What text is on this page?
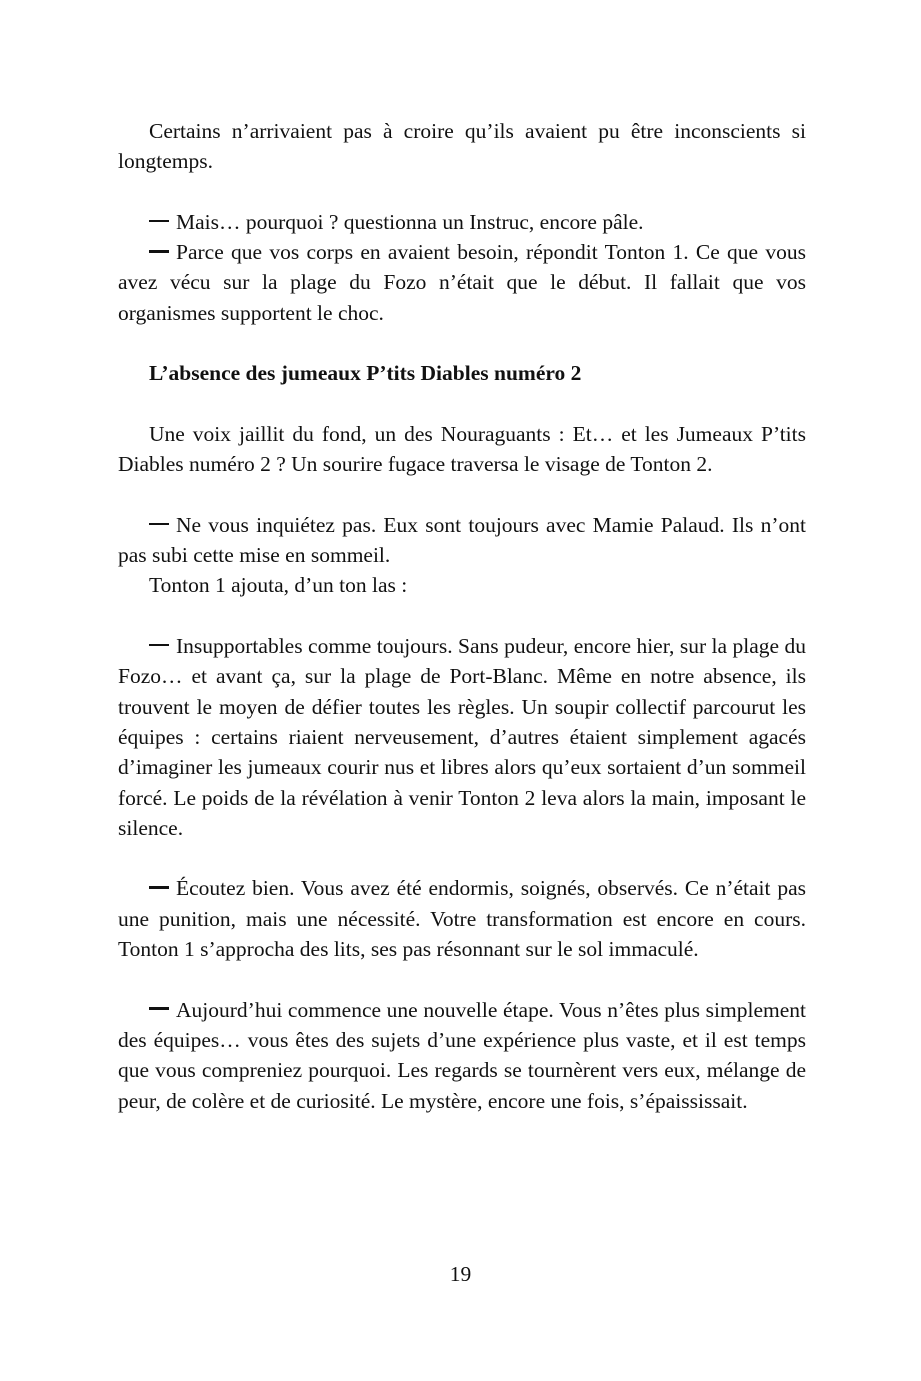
Certains n’arrivaient pas à croire qu’ils avaient pu être inconscients si longtemps.

Mais… pourquoi ? questionna un Instruc, encore pâle.

Parce que vos corps en avaient besoin, répondit Tonton 1. Ce que vous avez vécu sur la plage du Fozo n’était que le début. Il fallait que vos organismes supportent le choc.

L’absence des jumeaux P’tits Diables numéro 2

Une voix jaillit du fond, un des Nouraguants : Et… et les Jumeaux P’tits Diables numéro 2 ? Un sourire fugace traversa le visage de Tonton 2.

Ne vous inquiétez pas. Eux sont toujours avec Mamie Palaud. Ils n’ont pas subi cette mise en sommeil.

Tonton 1 ajouta, d’un ton las :

Insupportables comme toujours. Sans pudeur, encore hier, sur la plage du Fozo… et avant ça, sur la plage de Port-Blanc. Même en notre absence, ils trouvent le moyen de défier toutes les règles. Un soupir collectif parcourut les équipes : certains riaient nerveusement, d’autres étaient simplement agacés d’imaginer les jumeaux courir nus et libres alors qu’eux sortaient d’un sommeil forcé. Le poids de la révélation à venir Tonton 2 leva alors la main, imposant le silence.

Écoutez bien. Vous avez été endormis, soignés, observés. Ce n’était pas une punition, mais une nécessité. Votre transformation est encore en cours. Tonton 1 s’approcha des lits, ses pas résonnant sur le sol immaculé.

Aujourd’hui commence une nouvelle étape. Vous n’êtes plus simplement des équipes… vous êtes des sujets d’une expérience plus vaste, et il est temps que vous compreniez pourquoi. Les regards se tournèrent vers eux, mélange de peur, de colère et de curiosité. Le mystère, encore une fois, s’épaississait.

19
